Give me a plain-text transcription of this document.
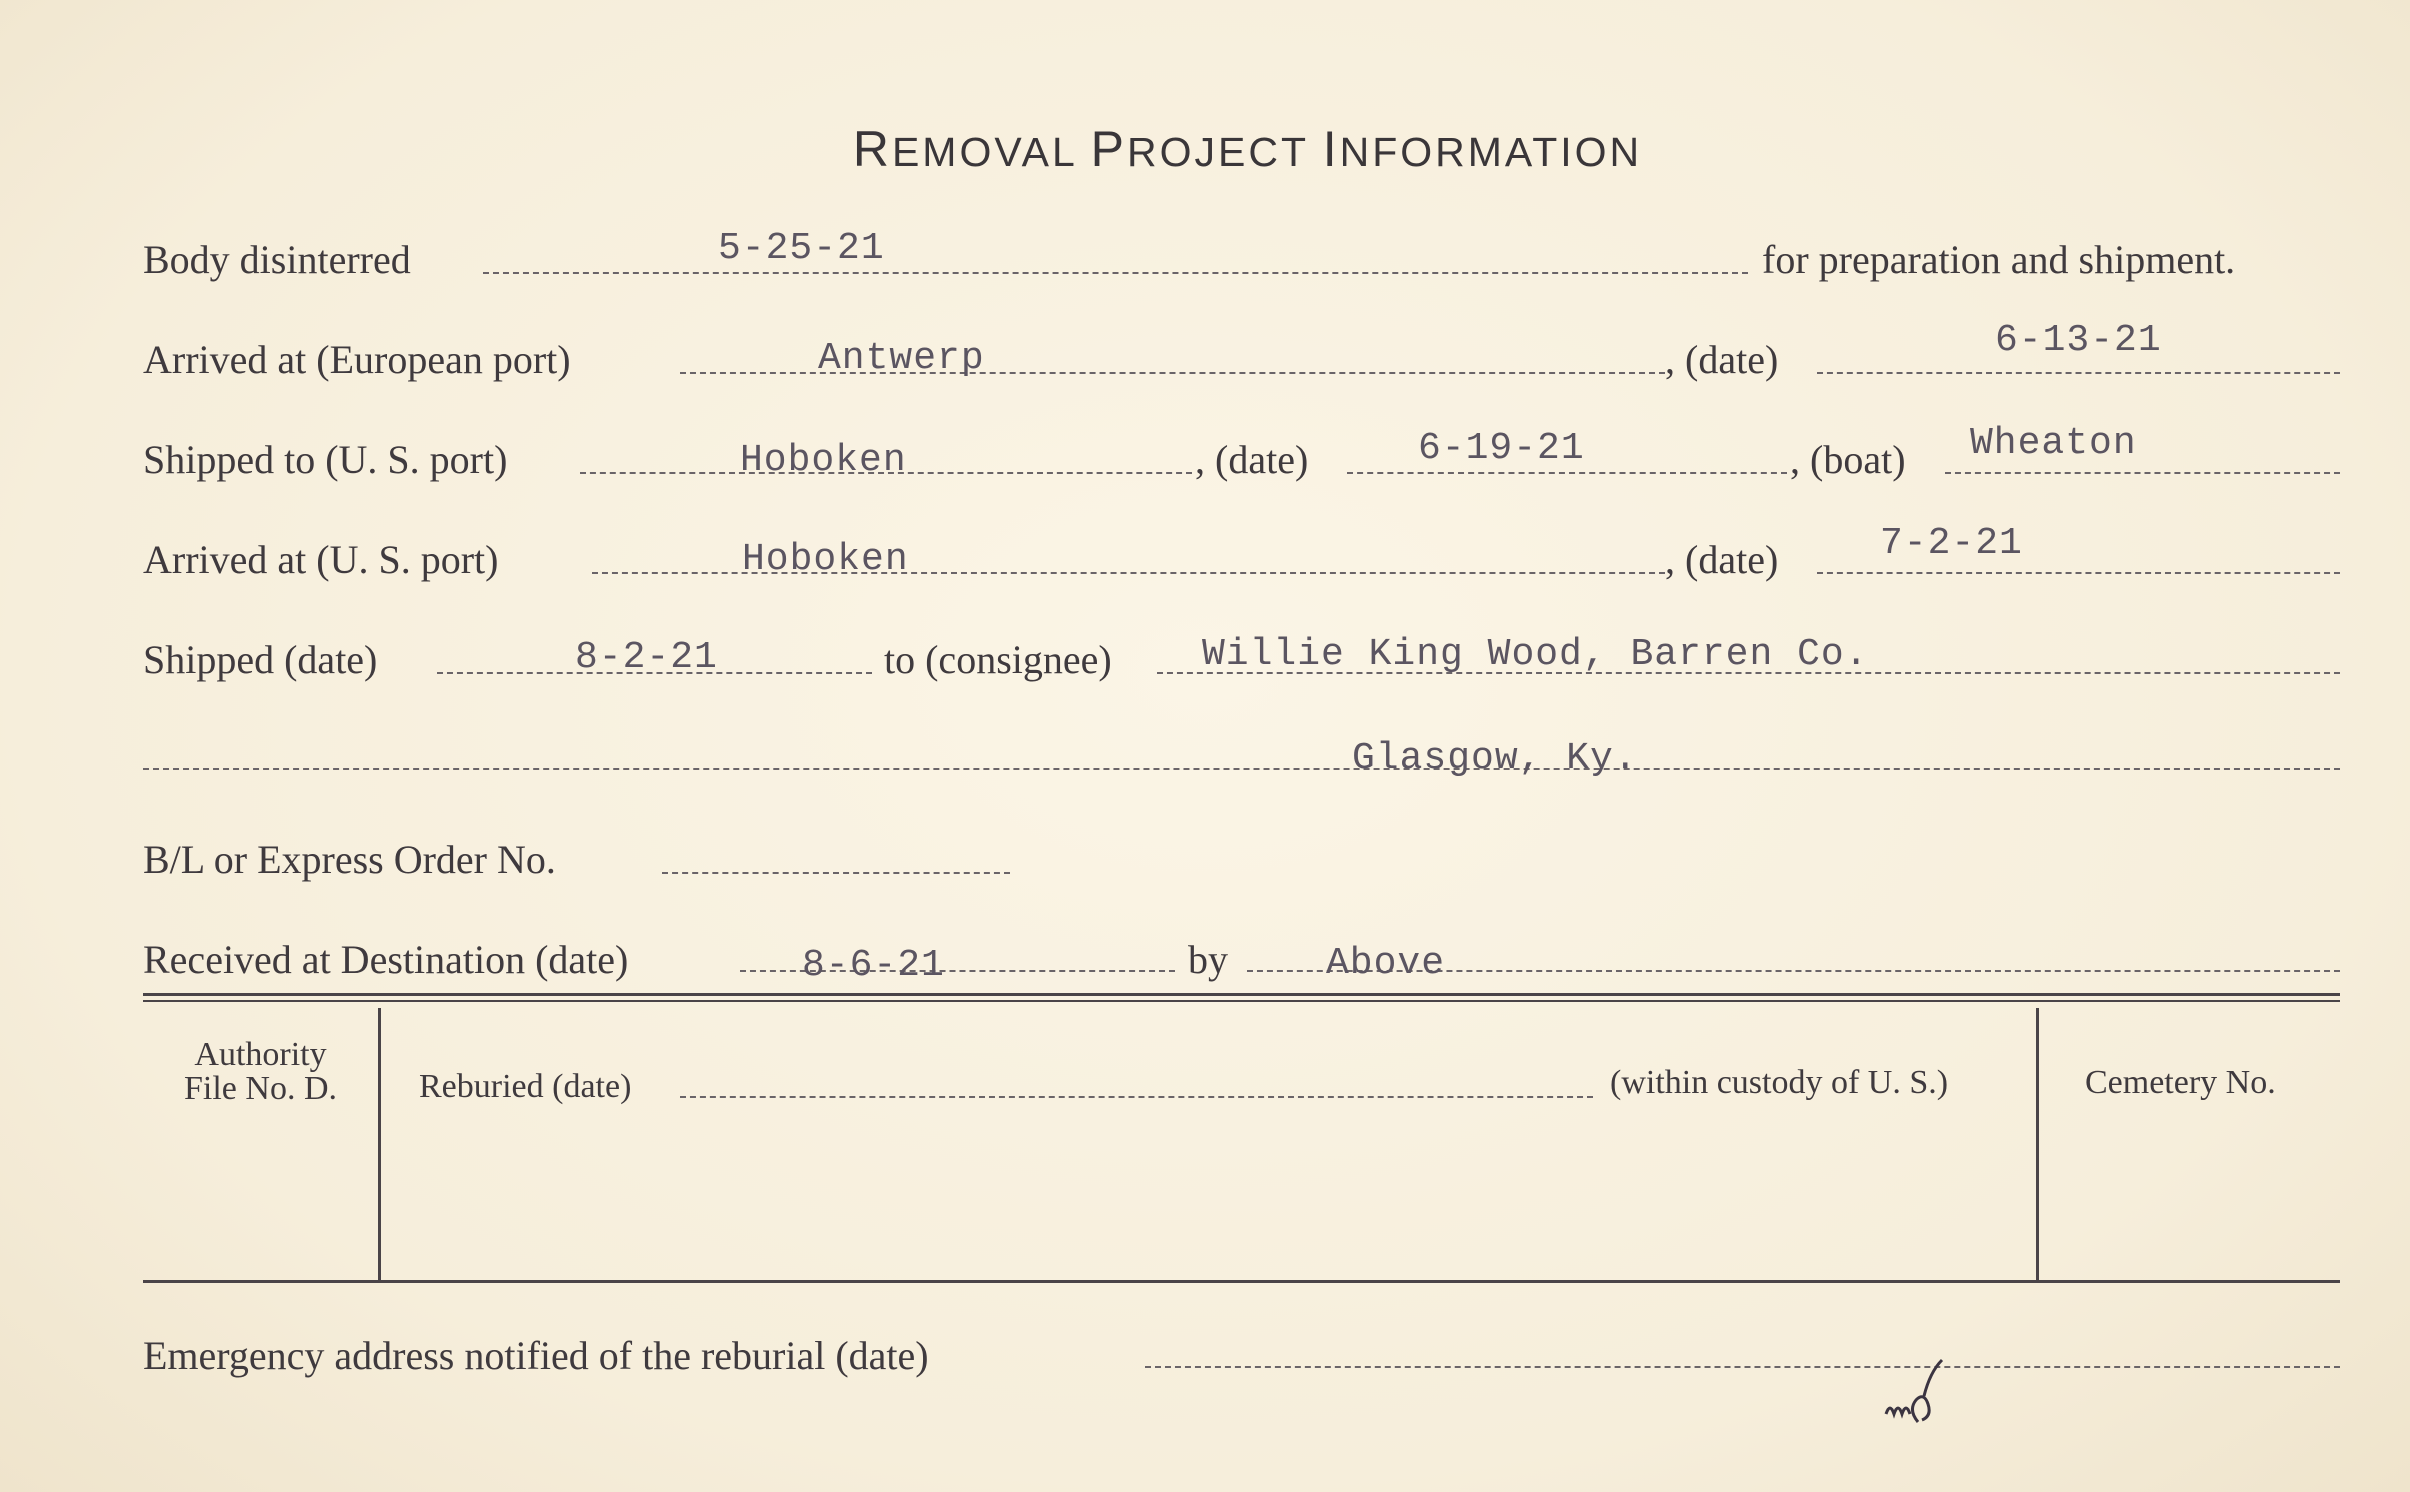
REMOVAL PROJECT INFORMATION
Body disinterred	5-25-21	for preparation and shipment.
Arrived at (European port)	Antwerp	, (date)	6-13-21
Shipped to (U. S. port)	Hoboken	, (date)	6-19-21	, (boat) Wheaton
Arrived at (U. S. port)	Hoboken	, (date)	7-2-21
Shipped (date)	8-2-21	to (consignee) Willie King Wood, Barren Co.
Glasgow, Ky.
B/L or Express Order No.
Received at Destination (date)	8-6-21	by	Above
Authority
File No. D.	Reburied (date)	(within custody of U. S.)	Cemetery No.
Emergency address notified of the reburial (date)
